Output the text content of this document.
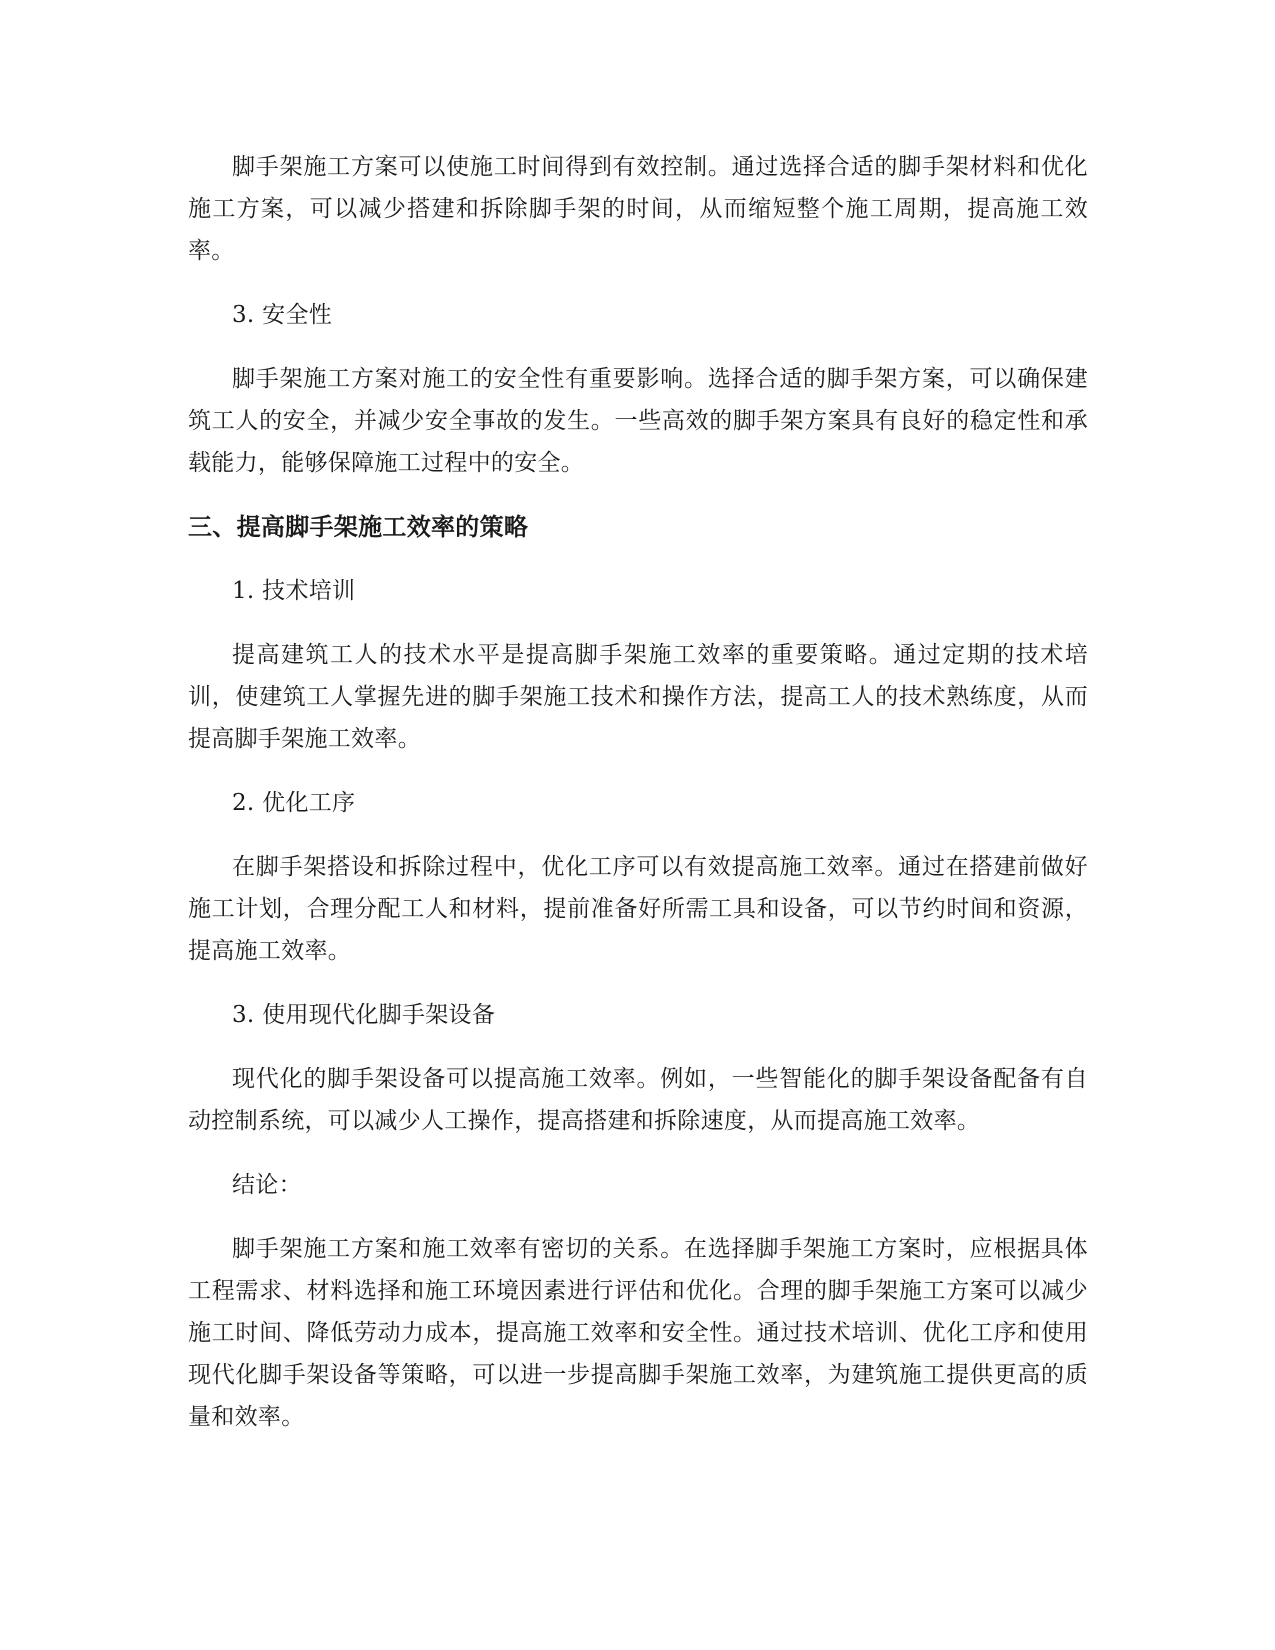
脚手架施工方案可以使施工时间得到有效控制。通过选择合适的脚手架材料和优化施工方案，可以减少搭建和拆除脚手架的时间，从而缩短整个施工周期，提高施工效率。

3. 安全性

脚手架施工方案对施工的安全性有重要影响。选择合适的脚手架方案，可以确保建筑工人的安全，并减少安全事故的发生。一些高效的脚手架方案具有良好的稳定性和承载能力，能够保障施工过程中的安全。

三、提高脚手架施工效率的策略

1. 技术培训

提高建筑工人的技术水平是提高脚手架施工效率的重要策略。通过定期的技术培训，使建筑工人掌握先进的脚手架施工技术和操作方法，提高工人的技术熟练度，从而提高脚手架施工效率。

2. 优化工序

在脚手架搭设和拆除过程中，优化工序可以有效提高施工效率。通过在搭建前做好施工计划，合理分配工人和材料，提前准备好所需工具和设备，可以节约时间和资源，提高施工效率。

3. 使用现代化脚手架设备

现代化的脚手架设备可以提高施工效率。例如，一些智能化的脚手架设备配备有自动控制系统，可以减少人工操作，提高搭建和拆除速度，从而提高施工效率。

结论：

脚手架施工方案和施工效率有密切的关系。在选择脚手架施工方案时，应根据具体工程需求、材料选择和施工环境因素进行评估和优化。合理的脚手架施工方案可以减少施工时间、降低劳动力成本，提高施工效率和安全性。通过技术培训、优化工序和使用现代化脚手架设备等策略，可以进一步提高脚手架施工效率，为建筑施工提供更高的质量和效率。
